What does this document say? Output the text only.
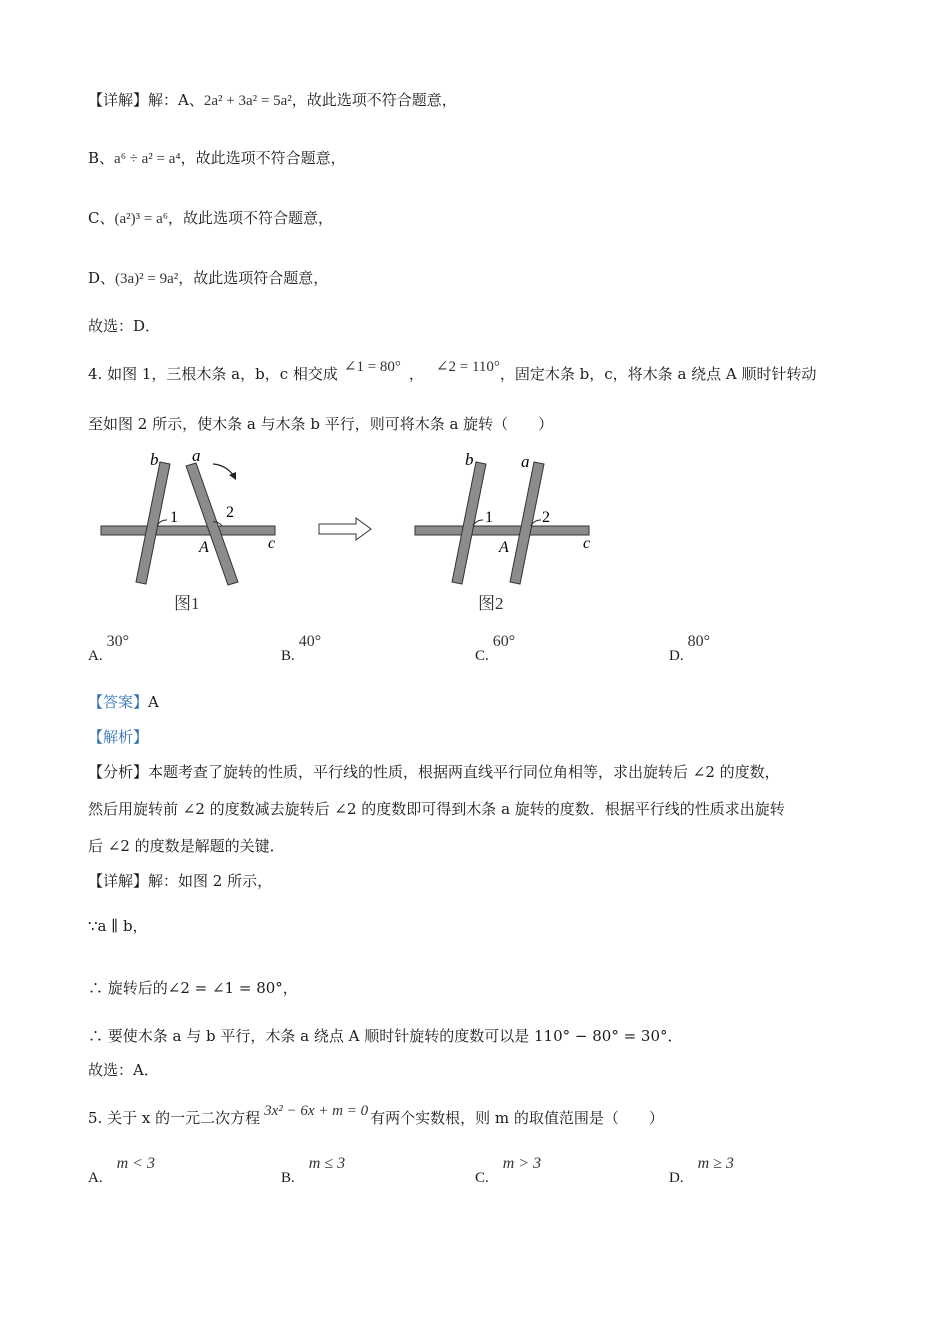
【详解】解：A、2a² + 3a² = 5a²，故此选项不符合题意，
B、a⁶ ÷ a² = a⁴，故此选项不符合题意，
C、(a²)³ = a⁶，故此选项不符合题意，
D、(3a)² = 9a²，故此选项符合题意，
故选：D．
4. 如图 1，三根木条 a，b，c 相交成 ∠1 = 80° ， ∠2 = 110°，固定木条 b，c，将木条 a 绕点 A 顺时针转动
至如图 2 所示，使木条 a 与木条 b 平行，则可将木条 a 旋转（　　）
b a
1	2
A	c
图1
b	a
1	2
A	c
图2
A.30°
B.40°
C.60°
D.80°
【答案】A
【解析】
【分析】本题考查了旋转的性质，平行线的性质，根据两直线平行同位角相等，求出旋转后 ∠2 的度数，
然后用旋转前 ∠2 的度数减去旋转后 ∠2 的度数即可得到木条 a 旋转的度数．根据平行线的性质求出旋转
后 ∠2 的度数是解题的关键．
【详解】解：如图 2 所示，
∵a ∥ b，
∴ 旋转后的∠2 = ∠1 = 80°，
∴ 要使木条 a 与 b 平行，木条 a 绕点 A 顺时针旋转的度数可以是 110° − 80° = 30°．
故选：A．
5. 关于 x 的一元二次方程 3x² − 6x + m = 0 有两个实数根，则 m 的取值范围是（　　）
A.m < 3
B.m ≤ 3
C.m > 3
D.m ≥ 3
